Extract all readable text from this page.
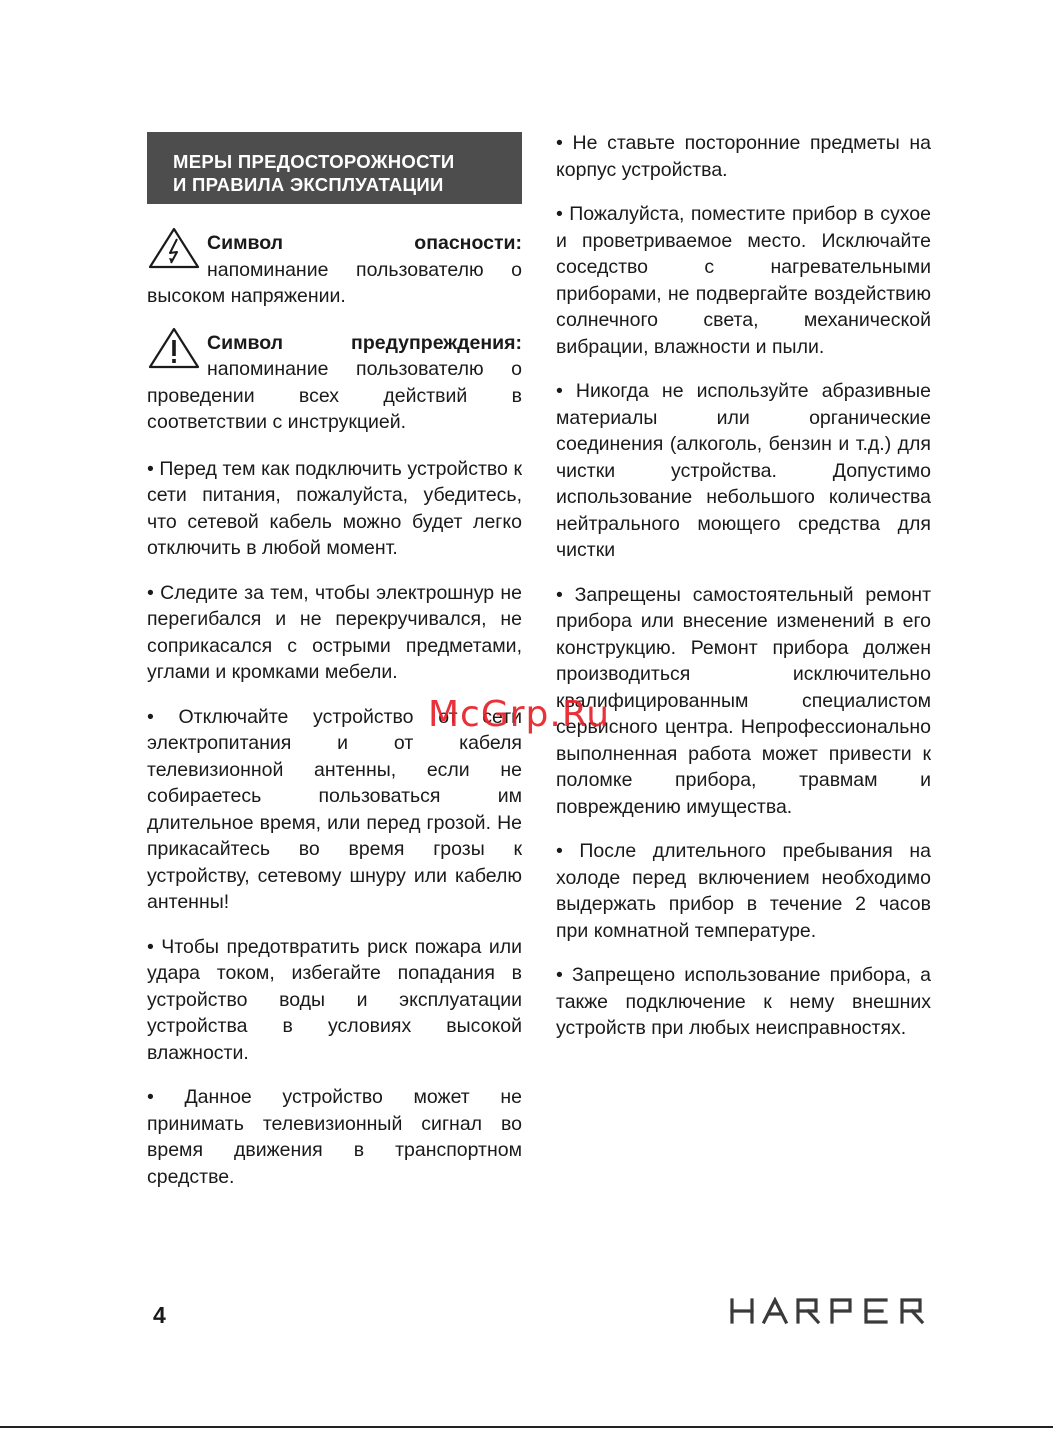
МЕРЫ ПРЕДОСТОРОЖНОСТИ
И ПРАВИЛА ЭКСПЛУАТАЦИИ
Символ опасности: напоминание пользователю о высоком напряжении.
Символ предупреждения: напоминание пользователю о проведении всех действий в соответствии с инструкцией.

• Перед тем как подключить устройство к сети питания, пожалуйста, убедитесь, что сетевой кабель можно будет легко отключить в любой момент.

• Следите за тем, чтобы электрошнур не перегибался и не перекручивался, не соприкасался с острыми предметами, углами и кромками мебели.

• Отключайте устройство от сети электропитания и от кабеля телевизионной антенны, если не собираетесь пользоваться им длительное время, или перед грозой. Не прикасайтесь во время грозы к устройству, сетевому шнуру или кабелю антенны!

• Чтобы предотвратить риск пожара или удара током, избегайте попадания в устройство воды и эксплуатации устройства в условиях высокой влажности.

• Данное устройство может не принимать телевизионный сигнал во время движения в транспортном средстве.

• Не ставьте посторонние предметы на корпус устройства.

• Пожалуйста, поместите прибор в сухое и проветриваемое место. Исключайте соседство с нагревательными приборами, не подвергайте воздействию солнечного света, механической вибрации, влажности и пыли.

• Никогда не используйте абразивные материалы или органические соединения (алкоголь, бензин и т.д.) для чистки устройства. Допустимо использование небольшого количества нейтрального моющего средства для чистки

• Запрещены самостоятельный ремонт прибора или внесение изменений в его конструкцию. Ремонт прибора должен производиться исключительно квалифицированным специалистом сервисного центра. Непрофессионально выполненная работа может привести к поломке прибора, травмам и повреждению имущества.

• После длительного пребывания на холоде перед включением необходимо выдержать прибор в течение 2 часов при комнатной температуре.

• Запрещено использование прибора, а также подключение к нему внешних устройств при любых неисправностях.

McGrp.Ru
4
HARPER
